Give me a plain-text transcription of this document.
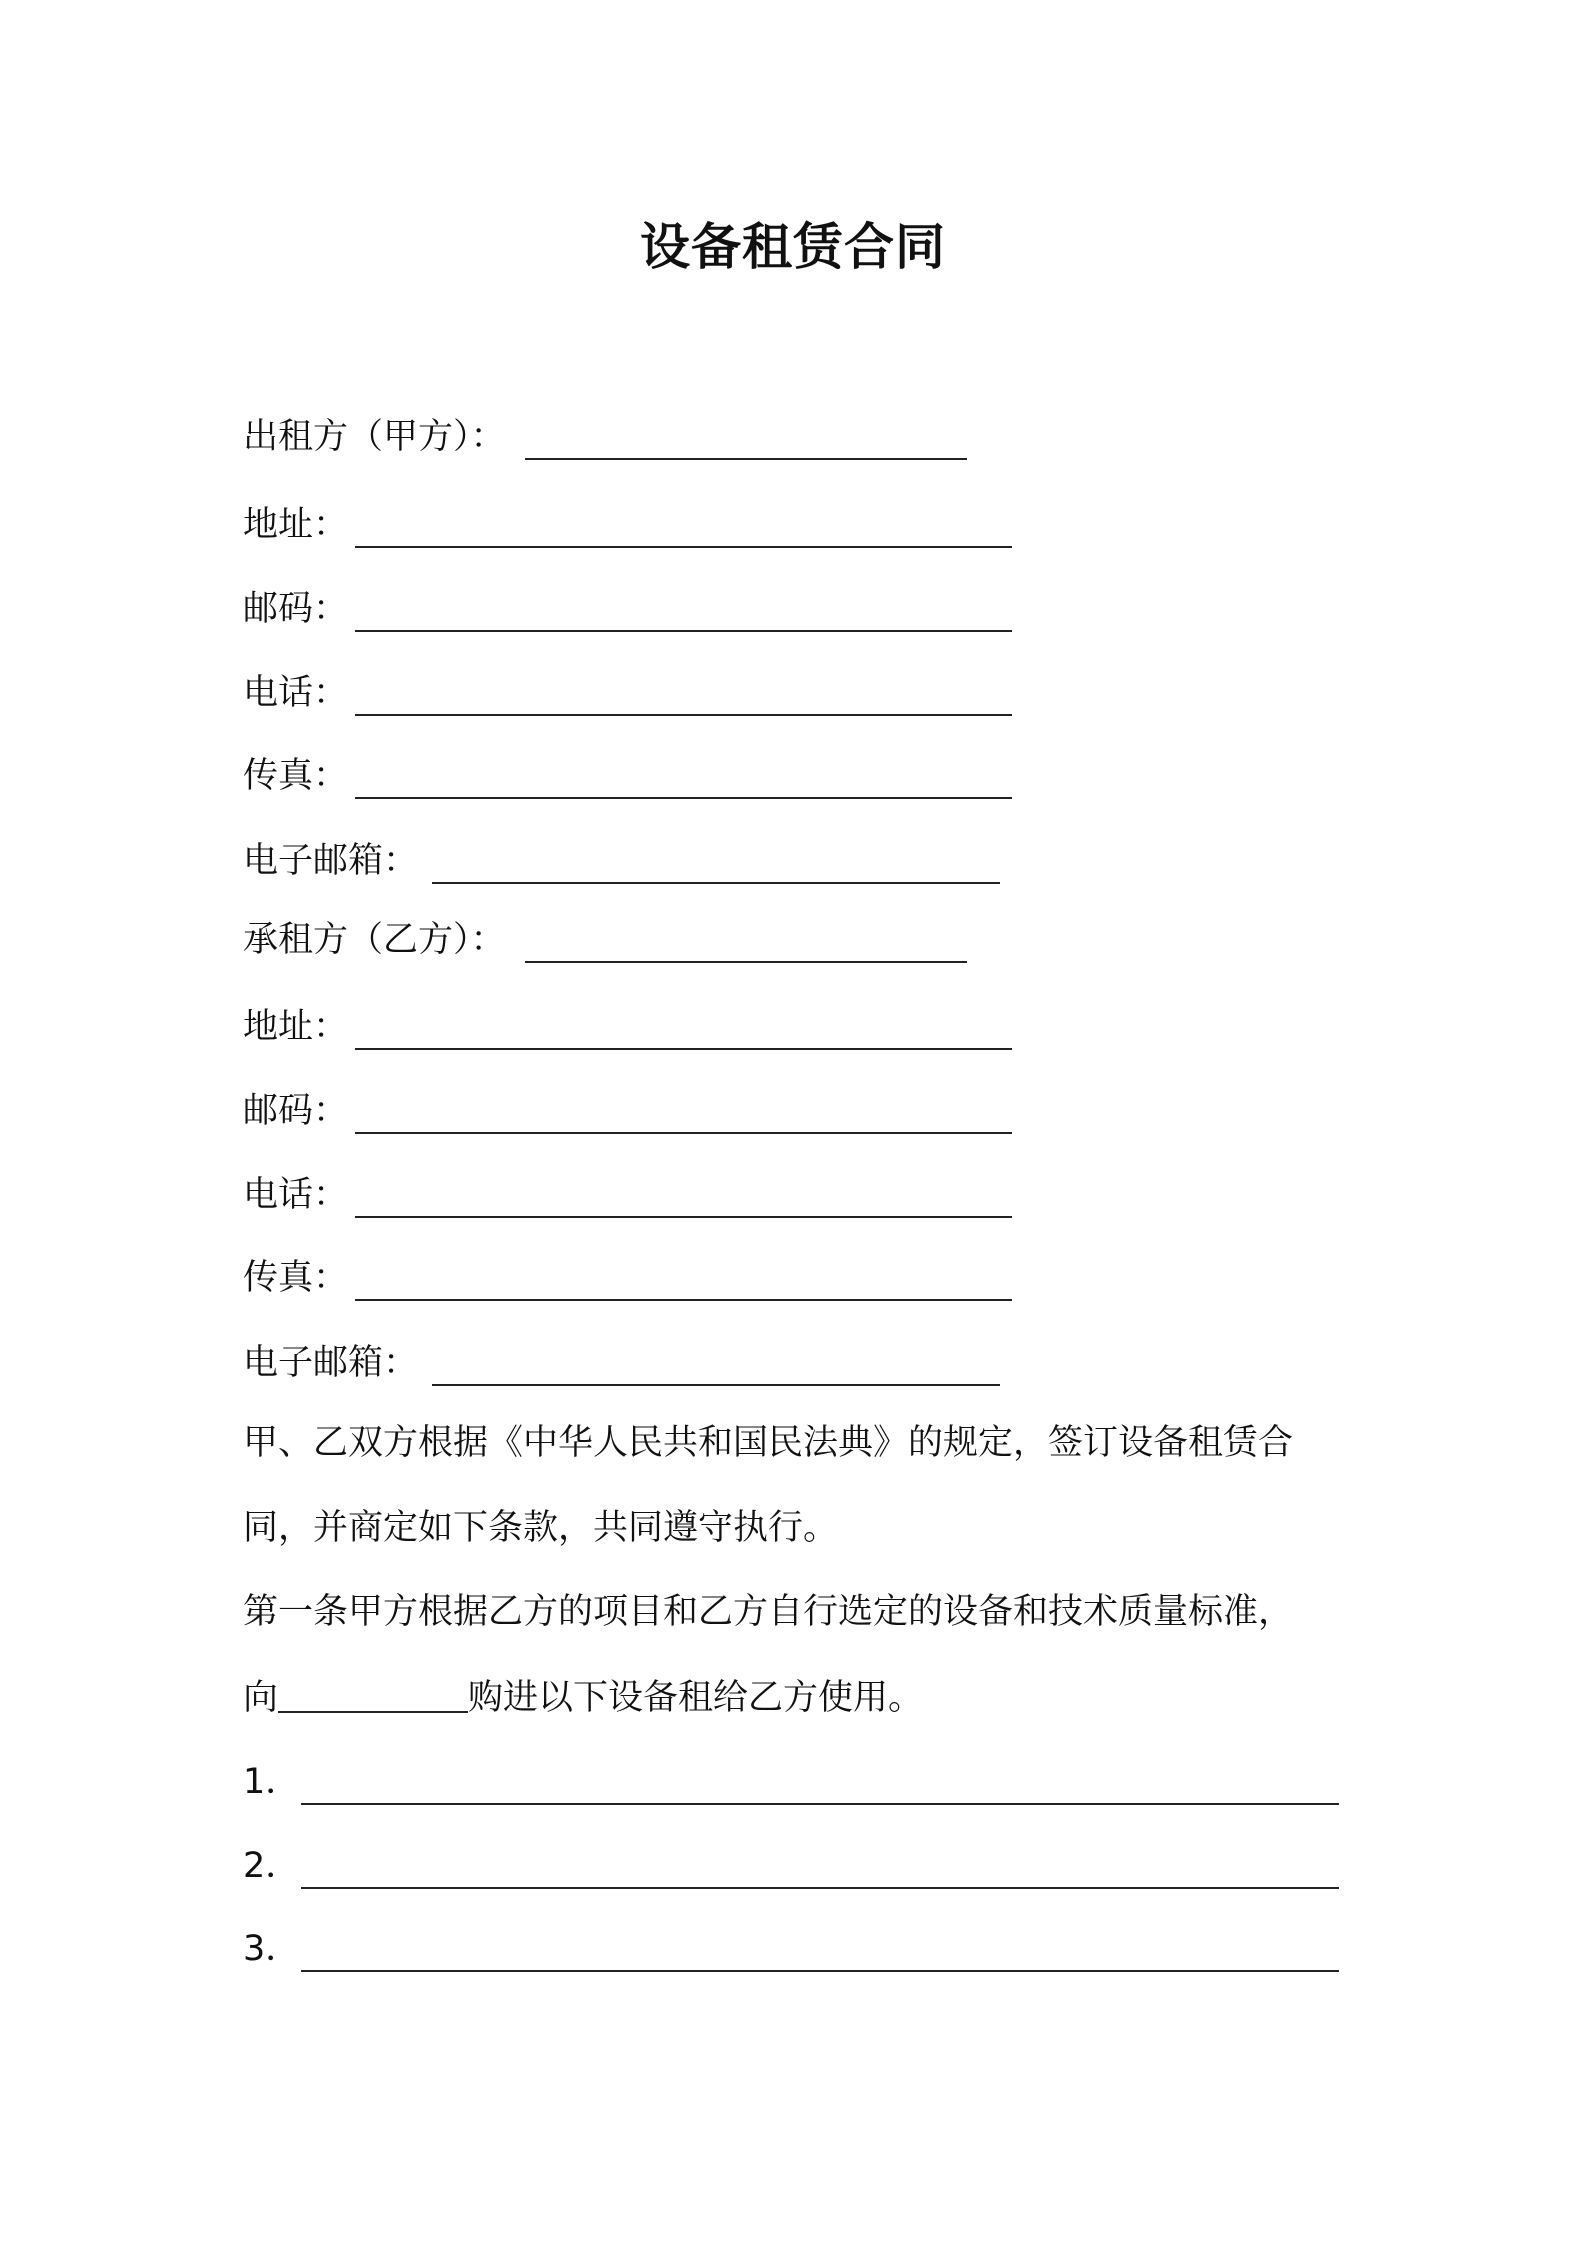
设备租赁合同
出租方（甲方）：
地址：
邮码：
电话：
传真：
电子邮箱：
承租方（乙方）：
地址：
邮码：
电话：
传真：
电子邮箱：
甲、乙双方根据《中华人民共和国民法典》的规定，签订设备租赁合
同，并商定如下条款，共同遵守执行。
第一条甲方根据乙方的项目和乙方自行选定的设备和技术质量标准，
向	购进以下设备租给乙方使用。
1．
2．
3．
